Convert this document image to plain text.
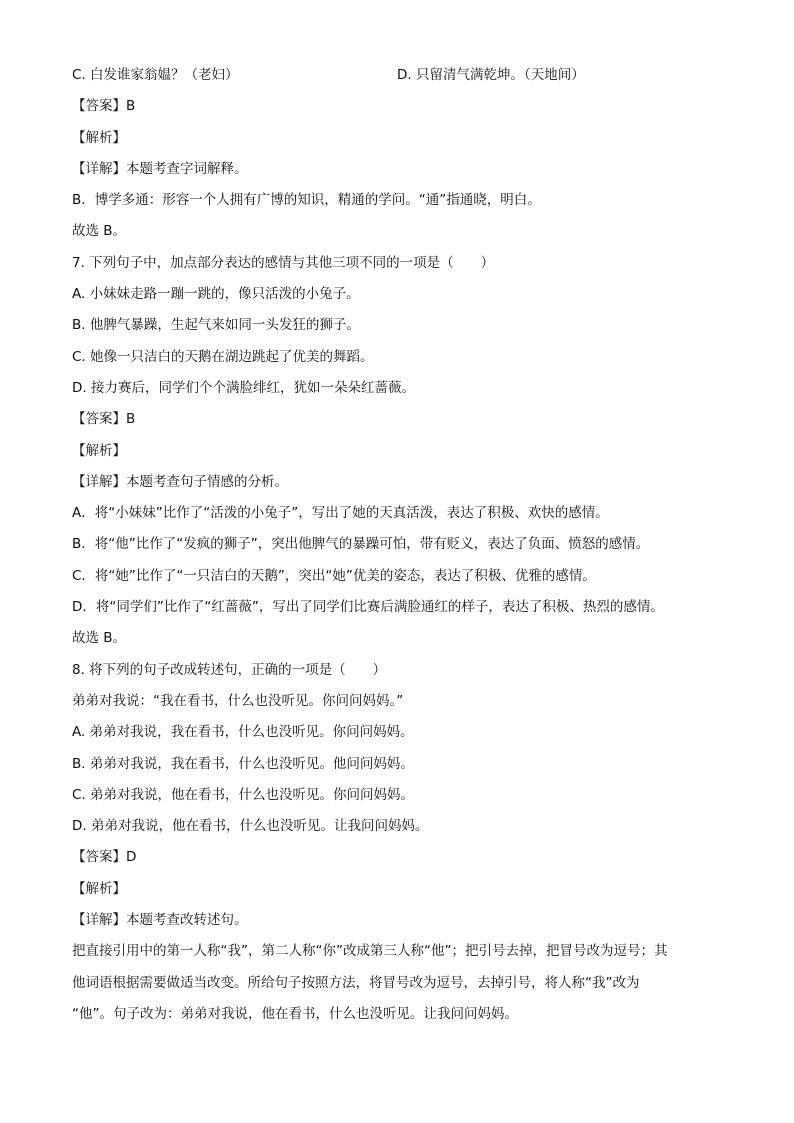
C. 白发谁家翁媪？（老妇）	D. 只留清气满乾坤。（天地间）
【答案】B
【解析】
【详解】本题考查字词解释。
B．博学多通：形容一个人拥有广博的知识，精通的学问。“通”指通晓，明白。
故选 B。
7. 下列句子中，加点部分表达的感情与其他三项不同的一项是（　　）
A. 小妹妹走路一蹦一跳的，像只活泼的小兔子。
B. 他脾气暴躁，生起气来如同一头发狂的狮子。
C. 她像一只洁白的天鹅在湖边跳起了优美的舞蹈。
D. 接力赛后，同学们个个满脸绯红，犹如一朵朵红蔷薇。
【答案】B
【解析】
【详解】本题考查句子情感的分析。
A．将“小妹妹”比作了“活泼的小兔子”，写出了她的天真活泼，表达了积极、欢快的感情。
B．将“他”比作了“发疯的狮子”，突出他脾气的暴躁可怕，带有贬义，表达了负面、愤怒的感情。
C．将“她”比作了“一只洁白的天鹅”，突出“她”优美的姿态，表达了积极、优雅的感情。
D．将“同学们”比作了“红蔷薇”，写出了同学们比赛后满脸通红的样子，表达了积极、热烈的感情。
故选 B。
8. 将下列的句子改成转述句，正确的一项是（　　）
弟弟对我说：“我在看书，什么也没听见。你问问妈妈。”
A. 弟弟对我说，我在看书，什么也没听见。你问问妈妈。
B. 弟弟对我说，我在看书，什么也没听见。他问问妈妈。
C. 弟弟对我说，他在看书，什么也没听见。你问问妈妈。
D. 弟弟对我说，他在看书，什么也没听见。让我问问妈妈。
【答案】D
【解析】
【详解】本题考查改转述句。
把直接引用中的第一人称“我”，第二人称“你”改成第三人称“他”；把引号去掉，把冒号改为逗号；其
他词语根据需要做适当改变。所给句子按照方法，将冒号改为逗号，去掉引号，将人称“我”改为
“他”。句子改为：弟弟对我说，他在看书，什么也没听见。让我问问妈妈。
